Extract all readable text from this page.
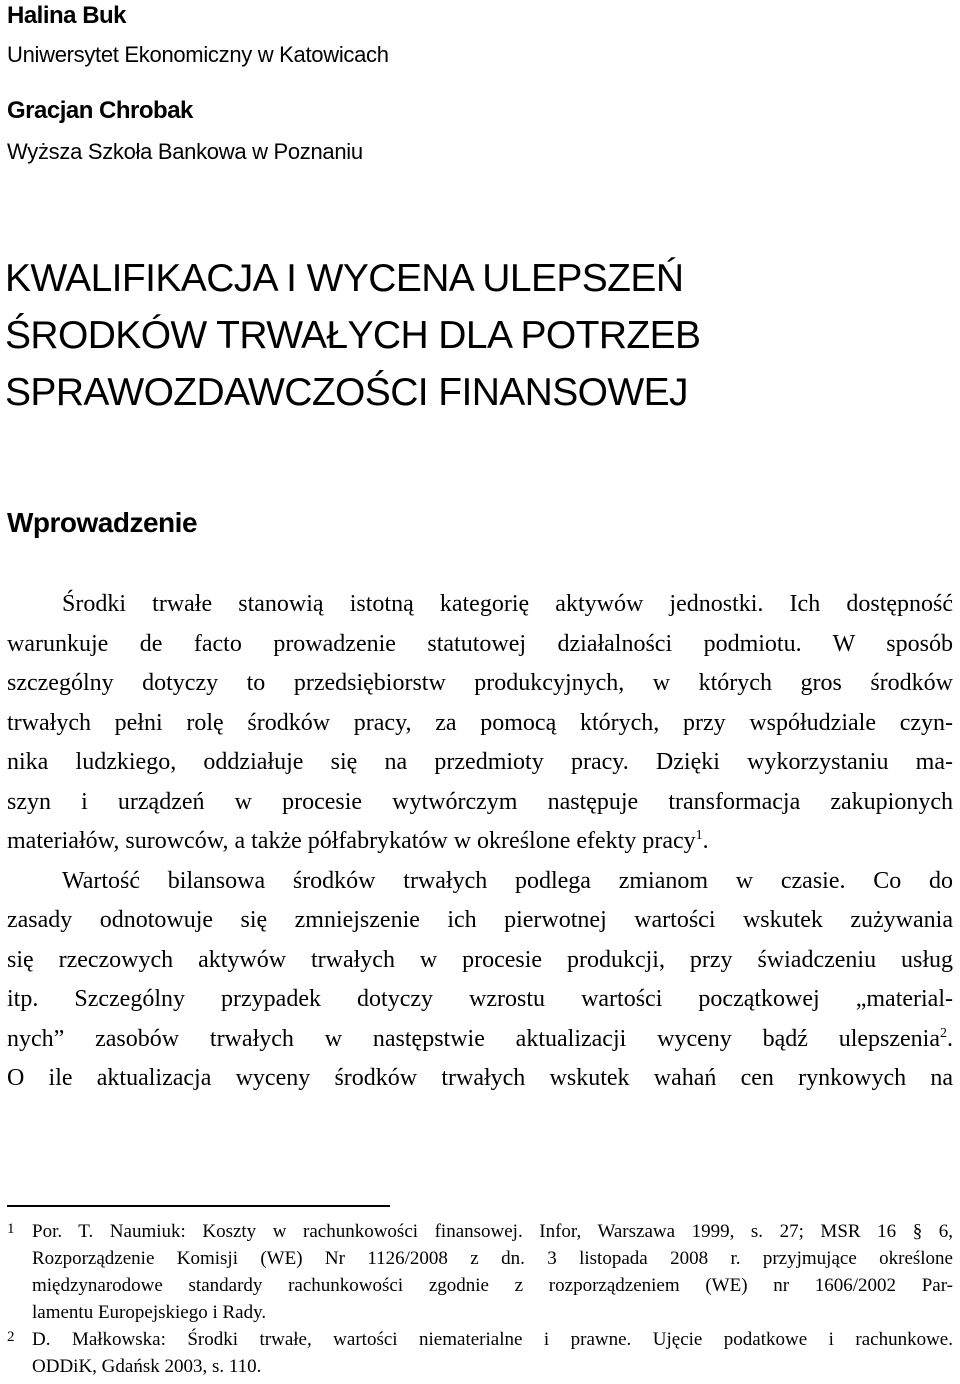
Halina Buk
Uniwersytet Ekonomiczny w Katowicach
Gracjan Chrobak
Wyższa Szkoła Bankowa w Poznaniu
KWALIFIKACJA I WYCENA ULEPSZEŃ
ŚRODKÓW TRWAŁYCH DLA POTRZEB
SPRAWOZDAWCZOŚCI FINANSOWEJ
Wprowadzenie
Środki trwałe stanowią istotną kategorię aktywów jednostki. Ich dostępność
warunkuje de facto prowadzenie statutowej działalności podmiotu. W sposób
szczególny dotyczy to przedsiębiorstw produkcyjnych, w których gros środków
trwałych pełni rolę środków pracy, za pomocą których, przy współudziale czyn-
nika ludzkiego, oddziałuje się na przedmioty pracy. Dzięki wykorzystaniu ma-
szyn i urządzeń w procesie wytwórczym następuje transformacja zakupionych
materiałów, surowców, a także półfabrykatów w określone efekty pracy$^1$.
Wartość bilansowa środków trwałych podlega zmianom w czasie. Co do
zasady odnotowuje się zmniejszenie ich pierwotnej wartości wskutek zużywania
się rzeczowych aktywów trwałych w procesie produkcji, przy świadczeniu usług
itp. Szczególny przypadek dotyczy wzrostu wartości początkowej „material-
nych” zasobów trwałych w następstwie aktualizacji wyceny bądź ulepszenia$^2$.
O ile aktualizacja wyceny środków trwałych wskutek wahań cen rynkowych na
1 Por. T. Naumiuk: Koszty w rachunkowości finansowej. Infor, Warszawa 1999, s. 27; MSR 16 § 6,
Rozporządzenie Komisji (WE) Nr 1126/2008 z dn. 3 listopada 2008 r. przyjmujące określone
międzynarodowe standardy rachunkowości zgodnie z rozporządzeniem (WE) nr 1606/2002 Par-
lamentu Europejskiego i Rady.
2 D. Małkowska: Środki trwałe, wartości niematerialne i prawne. Ujęcie podatkowe i rachunkowe.
ODDiK, Gdańsk 2003, s. 110.
